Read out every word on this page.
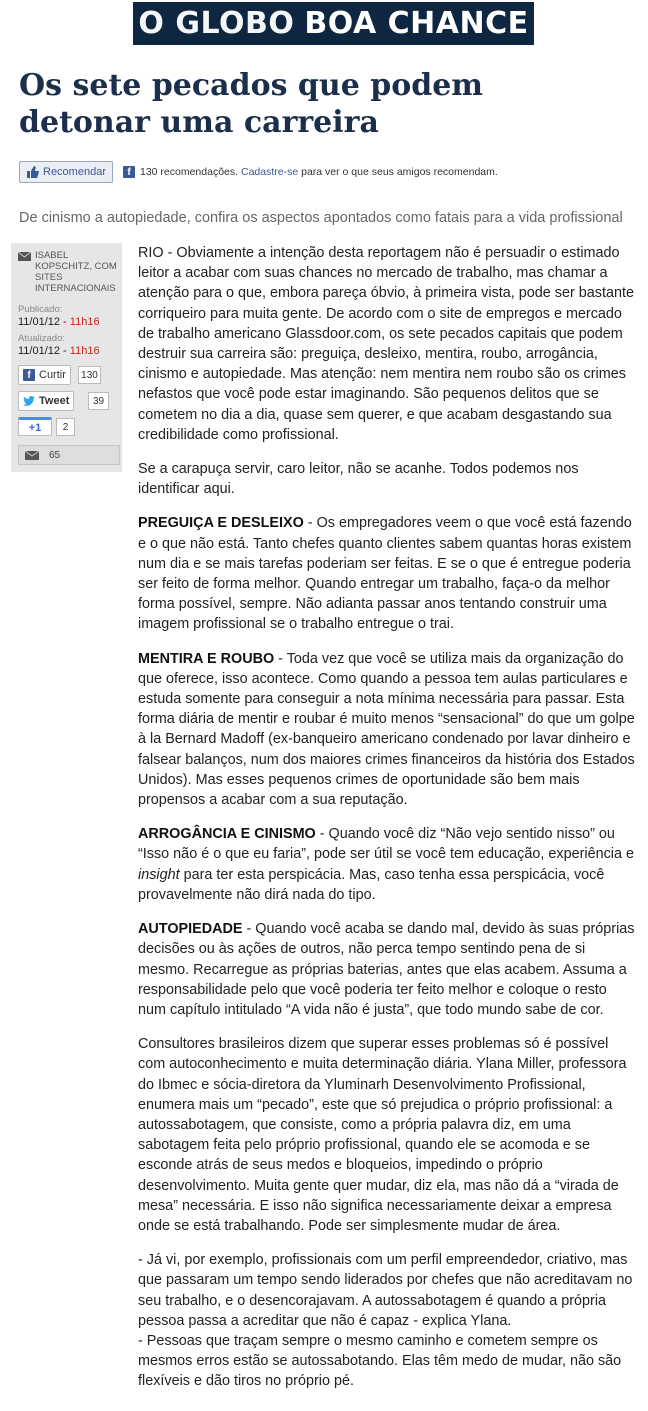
O GLOBO BOA CHANCE
Os sete pecados que podem detonar uma carreira
Recomendar	f 130 recomendações.
Cadastre-se
para ver o que seus amigos recomendam.

De cinismo a autopiedade, confira os aspectos apontados como fatais para a vida profissional

ISABEL KOPSCHITZ, COM SITES INTERNACIONAIS
Publicado:
11/01/12 - 11h16
Atualizado:
11/01/12 - 11h16
f Curtir	130
Tweet	39
+1	2
65

RIO - Obviamente a intenção desta reportagem não é persuadir o estimado leitor a acabar com suas chances no mercado de trabalho, mas chamar a atenção para o que, embora pareça óbvio, à primeira vista, pode ser bastante corriqueiro para muita gente. De acordo com o site de empregos e mercado de trabalho americano Glassdoor.com, os sete pecados capitais que podem destruir sua carreira são: preguiça, desleixo, mentira, roubo, arrogância, cinismo e autopiedade. Mas atenção: nem mentira nem roubo são os crimes nefastos que você pode estar imaginando. São pequenos delitos que se cometem no dia a dia, quase sem querer, e que acabam desgastando sua credibilidade como profissional.

Se a carapuça servir, caro leitor, não se acanhe. Todos podemos nos identificar aqui.

PREGUIÇA E DESLEIXO - Os empregadores veem o que você está fazendo e o que não está. Tanto chefes quanto clientes sabem quantas horas existem num dia e se mais tarefas poderiam ser feitas. E se o que é entregue poderia ser feito de forma melhor. Quando entregar um trabalho, faça-o da melhor forma possível, sempre. Não adianta passar anos tentando construir uma imagem profissional se o trabalho entregue o trai.

MENTIRA E ROUBO - Toda vez que você se utiliza mais da organização do que oferece, isso acontece. Como quando a pessoa tem aulas particulares e estuda somente para conseguir a nota mínima necessária para passar. Esta forma diária de mentir e roubar é muito menos “sensacional” do que um golpe à la Bernard Madoff (ex-banqueiro americano condenado por lavar dinheiro e falsear balanços, num dos maiores crimes financeiros da história dos Estados Unidos). Mas esses pequenos crimes de oportunidade são bem mais propensos a acabar com a sua reputação.

ARROGÂNCIA E CINISMO - Quando você diz “Não vejo sentido nisso” ou “Isso não é o que eu faria”, pode ser útil se você tem educação, experiência e insight para ter esta perspicácia. Mas, caso tenha essa perspicácia, você provavelmente não dirá nada do tipo.

AUTOPIEDADE - Quando você acaba se dando mal, devido às suas próprias decisões ou às ações de outros, não perca tempo sentindo pena de si mesmo. Recarregue as próprias baterias, antes que elas acabem. Assuma a responsabilidade pelo que você poderia ter feito melhor e coloque o resto num capítulo intitulado “A vida não é justa”, que todo mundo sabe de cor.

Consultores brasileiros dizem que superar esses problemas só é possível com autoconhecimento e muita determinação diária. Ylana Miller, professora do Ibmec e sócia-diretora da Yluminarh Desenvolvimento Profissional, enumera mais um “pecado”, este que só prejudica o próprio profissional: a autossabotagem, que consiste, como a própria palavra diz, em uma sabotagem feita pelo próprio profissional, quando ele se acomoda e se esconde atrás de seus medos e bloqueios, impedindo o próprio desenvolvimento. Muita gente quer mudar, diz ela, mas não dá a “virada de mesa” necessária. E isso não significa necessariamente deixar a empresa onde se está trabalhando. Pode ser simplesmente mudar de área.

- Já vi, por exemplo, profissionais com um perfil empreendedor, criativo, mas que passaram um tempo sendo liderados por chefes que não acreditavam no seu trabalho, e o desencorajavam. A autossabotagem é quando a própria pessoa passa a acreditar que não é capaz - explica Ylana.
- Pessoas que traçam sempre o mesmo caminho e cometem sempre os mesmos erros estão se autossabotando. Elas têm medo de mudar, não são flexíveis e dão tiros no próprio pé.
